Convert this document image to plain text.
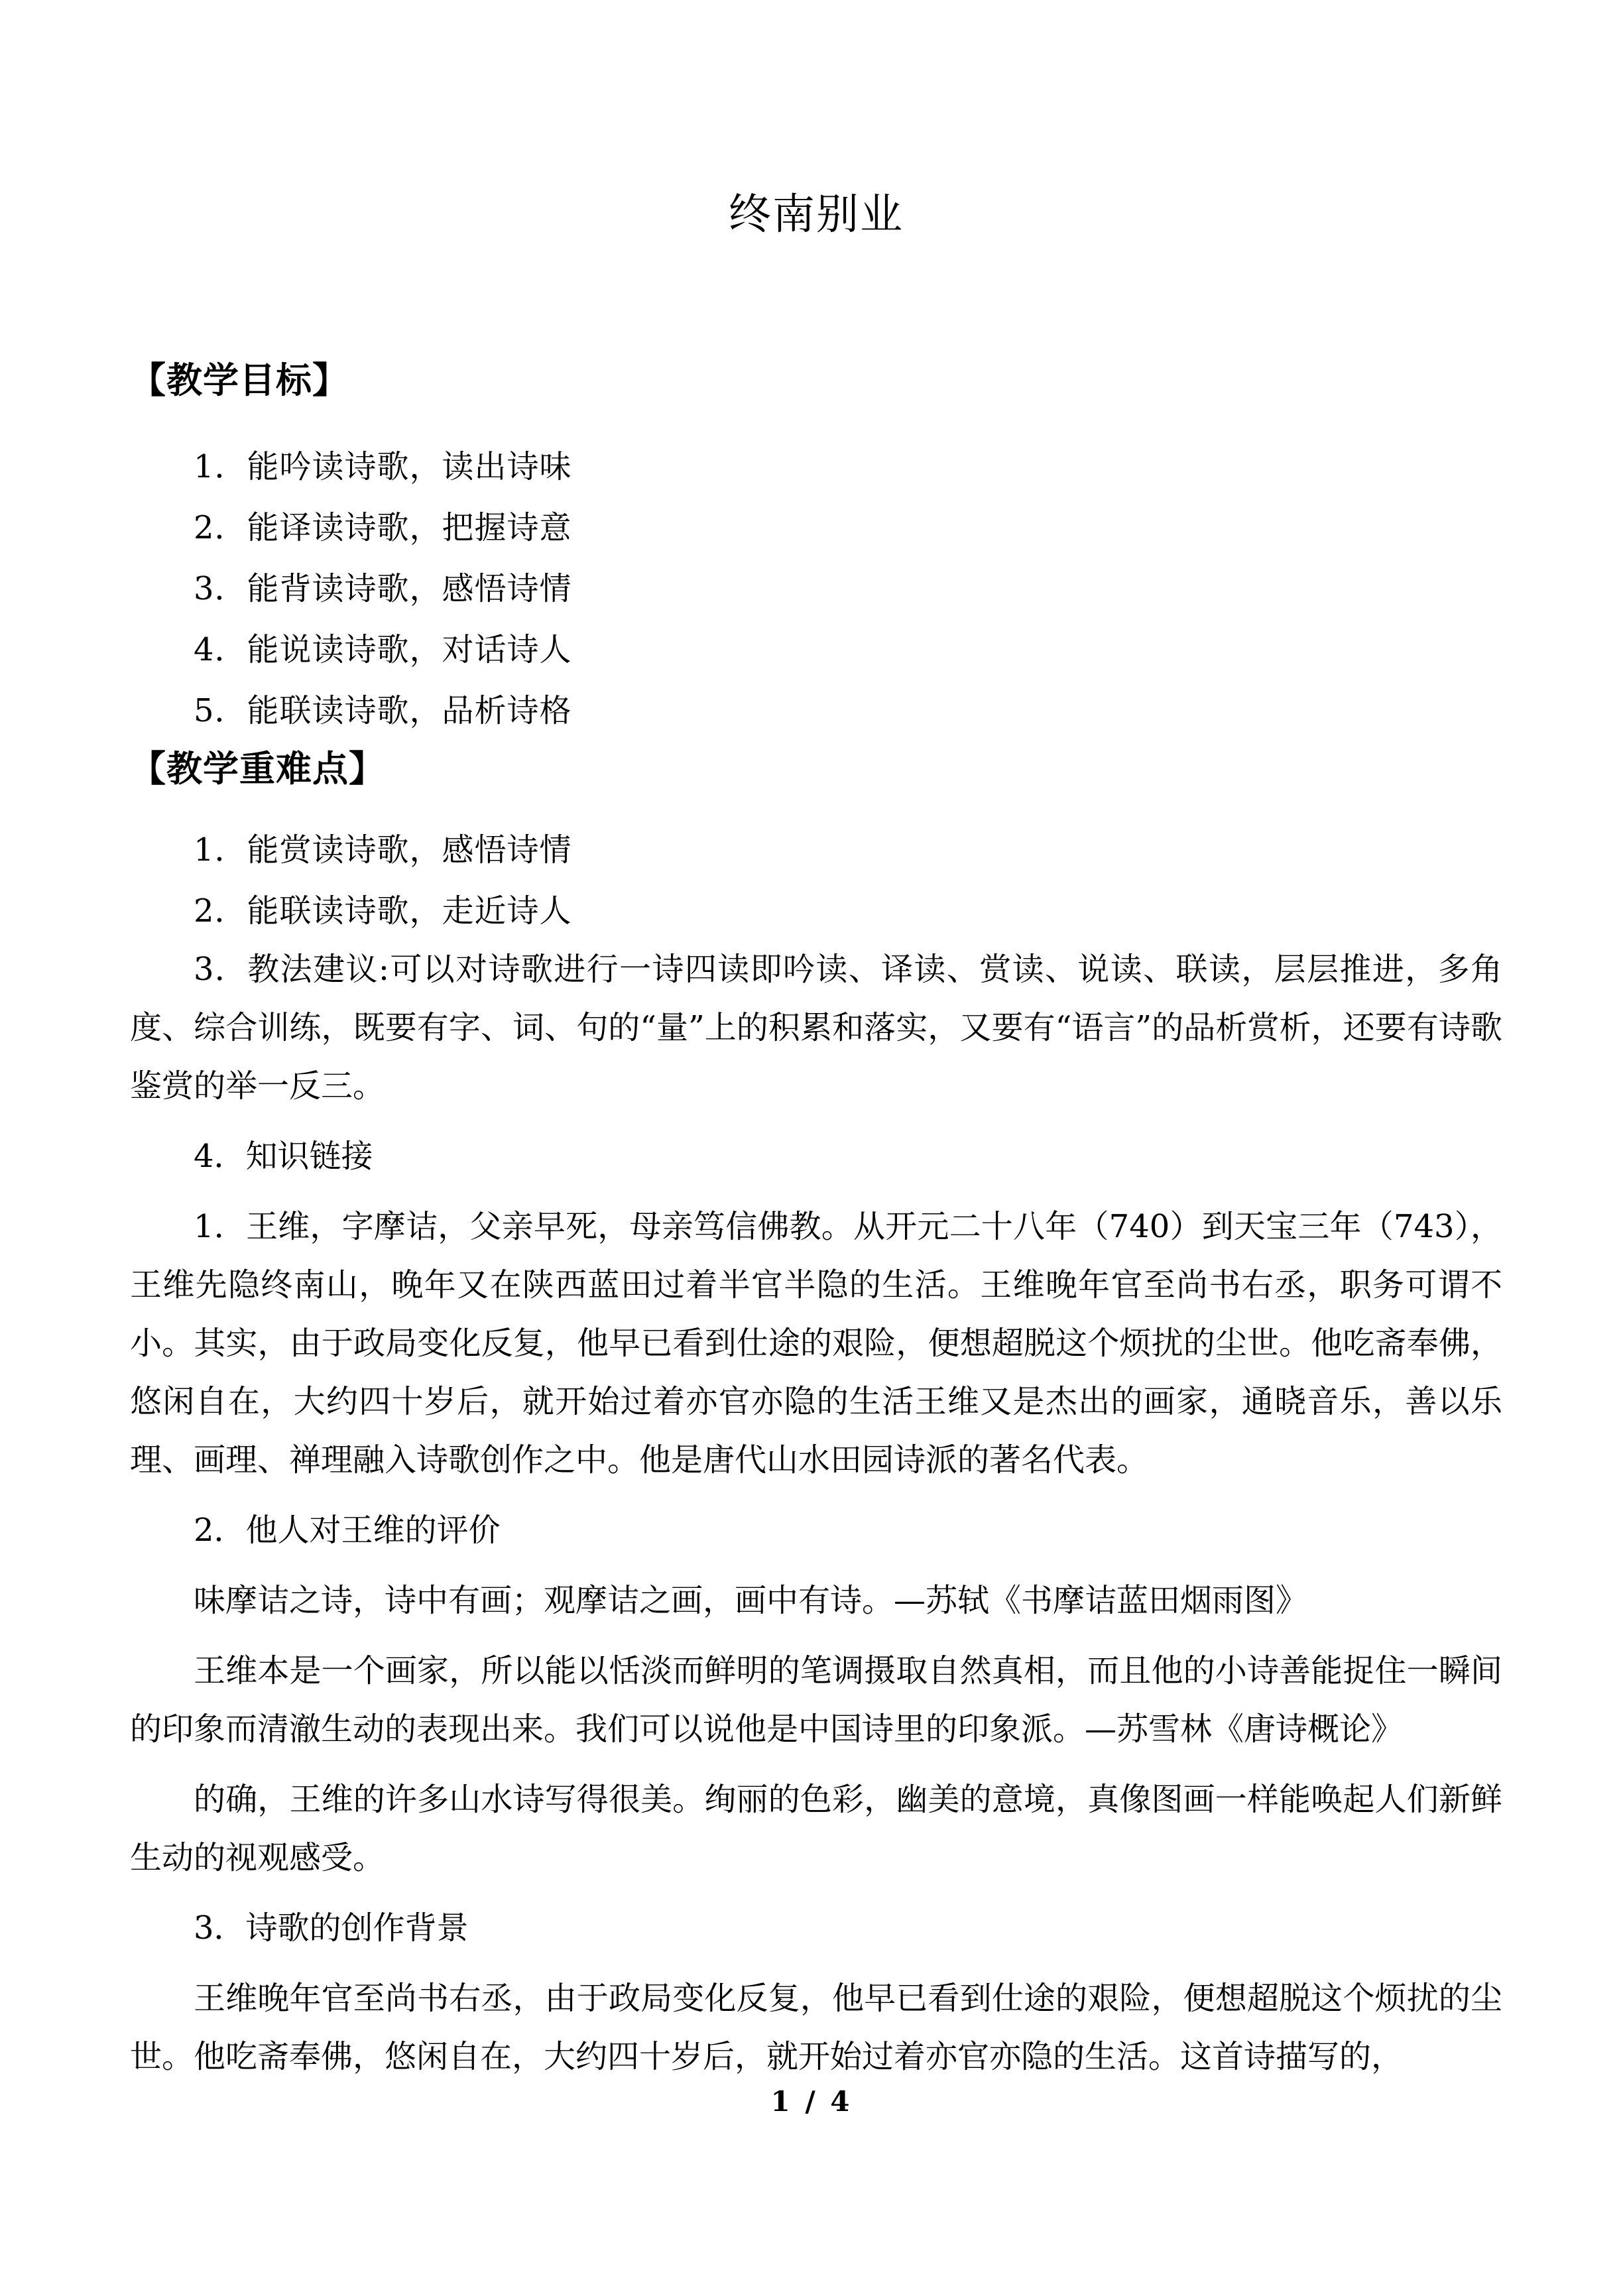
终南别业
【教学目标】
1．能吟读诗歌，读出诗味
2．能译读诗歌，把握诗意
3．能背读诗歌，感悟诗情
4．能说读诗歌，对话诗人
5．能联读诗歌，品析诗格
【教学重难点】
1．能赏读诗歌，感悟诗情
2．能联读诗歌，走近诗人

3．教法建议:可以对诗歌进行一诗四读即吟读、译读、赏读、说读、联读，层层推进，多角度、综合训练，既要有字、词、句的“量”上的积累和落实，又要有“语言”的品析赏析，还要有诗歌鉴赏的举一反三。

4．知识链接

1．王维，字摩诘，父亲早死，母亲笃信佛教。从开元二十八年（740）到天宝三年（743），王维先隐终南山，晚年又在陕西蓝田过着半官半隐的生活。王维晚年官至尚书右丞，职务可谓不小。其实，由于政局变化反复，他早已看到仕途的艰险，便想超脱这个烦扰的尘世。他吃斋奉佛，悠闲自在，大约四十岁后，就开始过着亦官亦隐的生活王维又是杰出的画家，通晓音乐，善以乐理、画理、禅理融入诗歌创作之中。他是唐代山水田园诗派的著名代表。

2．他人对王维的评价

味摩诘之诗，诗中有画；观摩诘之画，画中有诗。—苏轼《书摩诘蓝田烟雨图》

王维本是一个画家，所以能以恬淡而鲜明的笔调摄取自然真相，而且他的小诗善能捉住一瞬间的印象而清澈生动的表现出来。我们可以说他是中国诗里的印象派。—苏雪林《唐诗概论》

的确，王维的许多山水诗写得很美。绚丽的色彩，幽美的意境，真像图画一样能唤起人们新鲜生动的视观感受。

3．诗歌的创作背景

王维晚年官至尚书右丞，由于政局变化反复，他早已看到仕途的艰险，便想超脱这个烦扰的尘世。他吃斋奉佛，悠闲自在，大约四十岁后，就开始过着亦官亦隐的生活。这首诗描写的，

1 / 4
